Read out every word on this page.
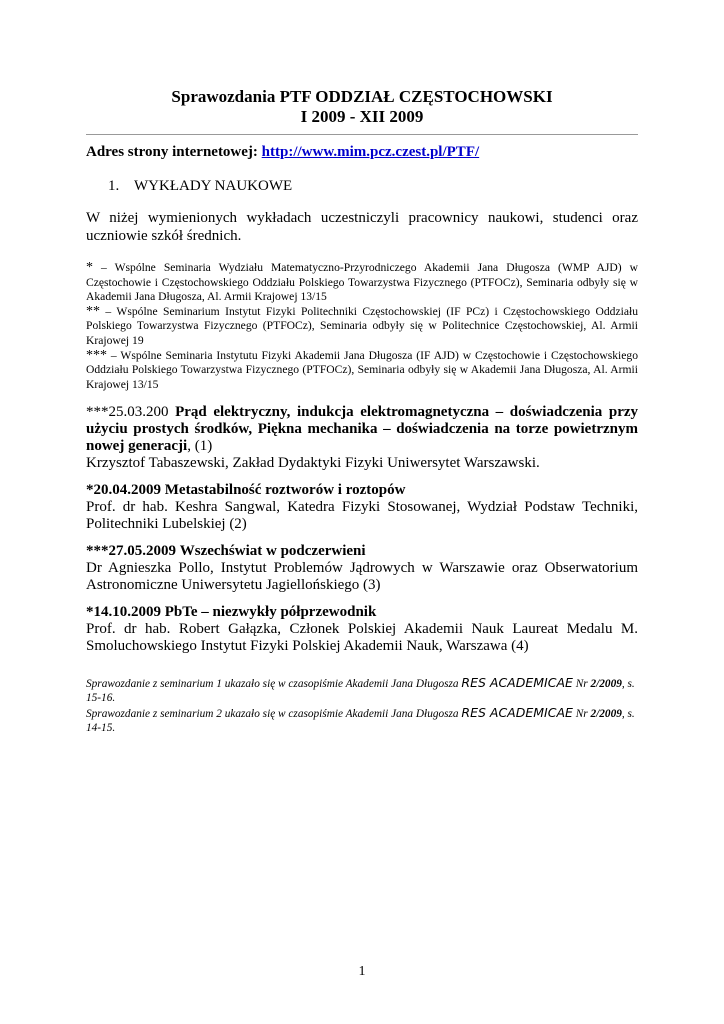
Sprawozdania PTF ODDZIAŁ CZĘSTOCHOWSKI
I 2009 - XII 2009
Adres strony internetowej: http://www.mim.pcz.czest.pl/PTF/
1. WYKŁADY NAUKOWE
W niżej wymienionych wykładach uczestniczyli pracownicy naukowi, studenci oraz uczniowie szkół średnich.

* – Wspólne Seminaria Wydziału Matematyczno-Przyrodniczego Akademii Jana Długosza (WMP AJD) w Częstochowie i Częstochowskiego Oddziału Polskiego Towarzystwa Fizycznego (PTFOCz), Seminaria odbyły się w Akademii Jana Długosza, Al. Armii Krajowej 13/15

** – Wspólne Seminarium Instytut Fizyki Politechniki Częstochowskiej (IF PCz) i Częstochowskiego Oddziału Polskiego Towarzystwa Fizycznego (PTFOCz), Seminaria odbyły się w Politechnice Częstochowskiej, Al. Armii Krajowej 19

*** – Wspólne Seminaria Instytutu Fizyki Akademii Jana Długosza (IF AJD) w Częstochowie i Częstochowskiego Oddziału Polskiego Towarzystwa Fizycznego (PTFOCz), Seminaria odbyły się w Akademii Jana Długosza, Al. Armii Krajowej 13/15

***25.03.200 Prąd elektryczny, indukcja elektromagnetyczna – doświadczenia przy użyciu prostych środków, Piękna mechanika – doświadczenia na torze powietrznym nowej generacji, (1)
Krzysztof Tabaszewski, Zakład Dydaktyki Fizyki Uniwersytet Warszawski.
*20.04.2009 Metastabilność roztworów i roztopów
Prof. dr hab. Keshra Sangwal, Katedra Fizyki Stosowanej, Wydział Podstaw Techniki, Politechniki Lubelskiej (2)
***27.05.2009 Wszechświat w podczerwieni
Dr Agnieszka Pollo, Instytut Problemów Jądrowych w Warszawie oraz Obserwatorium Astronomiczne Uniwersytetu Jagiellońskiego (3)
*14.10.2009 PbTe – niezwykły półprzewodnik
Prof. dr hab. Robert Gałązka, Członek Polskiej Akademii Nauk Laureat Medalu M. Smoluchowskiego Instytut Fizyki Polskiej Akademii Nauk, Warszawa (4)

Sprawozdanie z seminarium 1 ukazało się w czasopiśmie Akademii Jana Długosza RES ACADEMICAE Nr 2/2009, s. 15-16.

Sprawozdanie z seminarium 2 ukazało się w czasopiśmie Akademii Jana Długosza RES ACADEMICAE Nr 2/2009, s. 14-15.

1
